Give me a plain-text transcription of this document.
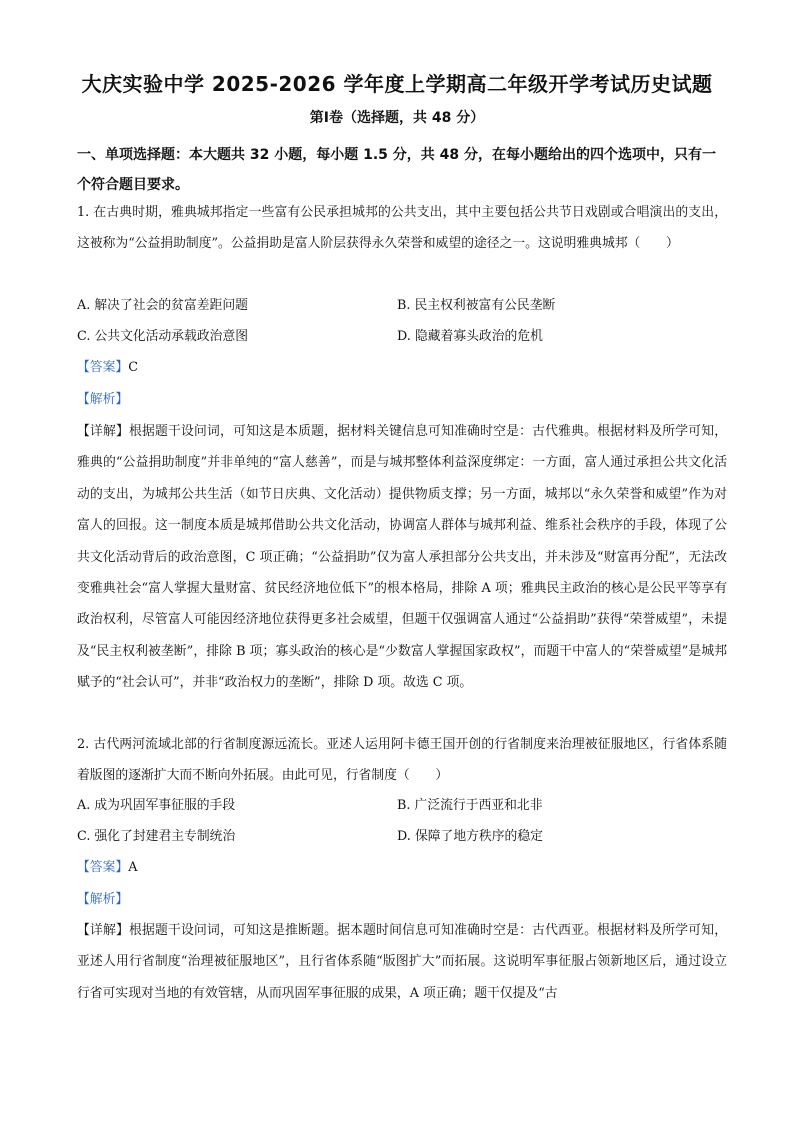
大庆实验中学 2025-2026 学年度上学期高二年级开学考试历史试题
第Ⅰ卷（选择题，共 48 分）
一、单项选择题：本大题共 32 小题，每小题 1.5 分，共 48 分，在每小题给出的四个选项中，只有一个符合题目要求。
1. 在古典时期，雅典城邦指定一些富有公民承担城邦的公共支出，其中主要包括公共节日戏剧或合唱演出的支出，这被称为“公益捐助制度”。公益捐助是富人阶层获得永久荣誉和威望的途径之一。这说明雅典城邦（　　）
A. 解决了社会的贫富差距问题	B. 民主权利被富有公民垄断
C. 公共文化活动承载政治意图	D. 隐藏着寡头政治的危机
【答案】C
【解析】
【详解】根据题干设问词，可知这是本质题，据材料关键信息可知准确时空是：古代雅典。根据材料及所学可知，雅典的“公益捐助制度”并非单纯的“富人慈善”，而是与城邦整体利益深度绑定：一方面，富人通过承担公共文化活动的支出，为城邦公共生活（如节日庆典、文化活动）提供物质支撑；另一方面，城邦以“永久荣誉和威望”作为对富人的回报。这一制度本质是城邦借助公共文化活动，协调富人群体与城邦利益、维系社会秩序的手段，体现了公共文化活动背后的政治意图，C 项正确；“公益捐助”仅为富人承担部分公共支出，并未涉及“财富再分配”，无法改变雅典社会“富人掌握大量财富、贫民经济地位低下”的根本格局，排除 A 项；雅典民主政治的核心是公民平等享有政治权利，尽管富人可能因经济地位获得更多社会威望，但题干仅强调富人通过“公益捐助”获得“荣誉威望”，未提及“民主权利被垄断”，排除 B 项；寡头政治的核心是“少数富人掌握国家政权”，而题干中富人的“荣誉威望”是城邦赋予的“社会认可”，并非“政治权力的垄断”，排除 D 项。故选 C 项。
2. 古代两河流域北部的行省制度源远流长。亚述人运用阿卡德王国开创的行省制度来治理被征服地区，行省体系随着版图的逐渐扩大而不断向外拓展。由此可见，行省制度（　　）
A. 成为巩固军事征服的手段	B. 广泛流行于西亚和北非
C. 强化了封建君主专制统治	D. 保障了地方秩序的稳定
【答案】A
【解析】
【详解】根据题干设问词，可知这是推断题。据本题时间信息可知准确时空是：古代西亚。根据材料及所学可知，亚述人用行省制度“治理被征服地区”，且行省体系随“版图扩大”而拓展。这说明军事征服占领新地区后，通过设立行省可实现对当地的有效管辖，从而巩固军事征服的成果，A 项正确；题干仅提及“古
